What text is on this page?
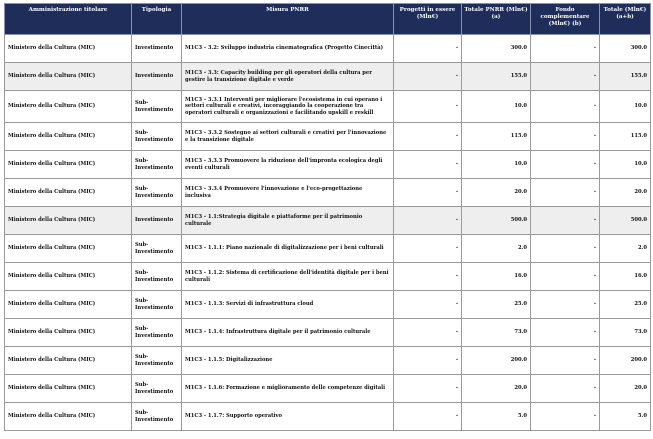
Amministrazione titolare	Tipologia	Misura PNRR	Progetti in essere (Mln€)	Totale PNRR (Mln€) (a)	Fondo complementare (Mln€) (b)	Totale (Mln€) (a+b)
Ministero della Cultura (MIC)	Investimento	M1C3 - 3.2: Sviluppo industria cinematografica (Progetto Cinecittà)	-	300.0	-	300.0
Ministero della Cultura (MIC)	Investimento	M1C3 - 3.3: Capacity building per gli operatori della cultura per gestire la transizione digitale e verde	-	155.0	-	155.0
Ministero della Cultura (MIC)	Sub-Investimento	M1C3 - 3.3.1 Interventi per migliorare l'ecosistema in cui operano i settori culturali e creativi, incoraggiando la cooperazione tra operatori culturali e organizzazioni e facilitando upskill e reskill	-	10.0	-	10.0
Ministero della Cultura (MIC)	Sub-Investimento	M1C3 - 3.3.2 Sostegno ai settori culturali e creativi per l'innovazione e la transizione digitale	-	115.0	-	115.0
Ministero della Cultura (MIC)	Sub-Investimento	M1C3 - 3.3.3 Promuovere la riduzione dell'impronta ecologica degli eventi culturali	-	10.0	-	10.0
Ministero della Cultura (MIC)	Sub-Investimento	M1C3 - 3.3.4 Promuovere l'innovazione e l'eco-progettazione inclusiva	-	20.0	-	20.0
Ministero della Cultura (MIC)	Investimento	M1C3 - 1.1:Strategia digitale e piattaforme per il patrimonio culturale	-	500.0	-	500.0
Ministero della Cultura (MIC)	Sub-Investimento	M1C3 - 1.1.1: Piano nazionale di digitalizzazione per i beni culturali	-	2.0	-	2.0
Ministero della Cultura (MIC)	Sub-Investimento	M1C3 - 1.1.2: Sistema di certificazione dell'identità digitale per i beni culturali	-	16.0	-	16.0
Ministero della Cultura (MIC)	Sub-Investimento	M1C3 - 1.1.3: Servizi di infrastruttura cloud	-	25.0	-	25.0
Ministero della Cultura (MIC)	Sub-Investimento	M1C3 - 1.1.4: Infrastruttura digitale per il patrimonio culturale	-	73.0	-	73.0
Ministero della Cultura (MIC)	Sub-Investimento	M1C3 - 1.1.5: Digitalizzazione	-	200.0	-	200.0
Ministero della Cultura (MIC)	Sub-Investimento	M1C3 - 1.1.6: Formazione e miglioramento delle competenze digitali	-	20.0	-	20.0
Ministero della Cultura (MIC)	Sub-Investimento	M1C3 - 1.1.7: Supporto operativo	-	5.0	-	5.0
